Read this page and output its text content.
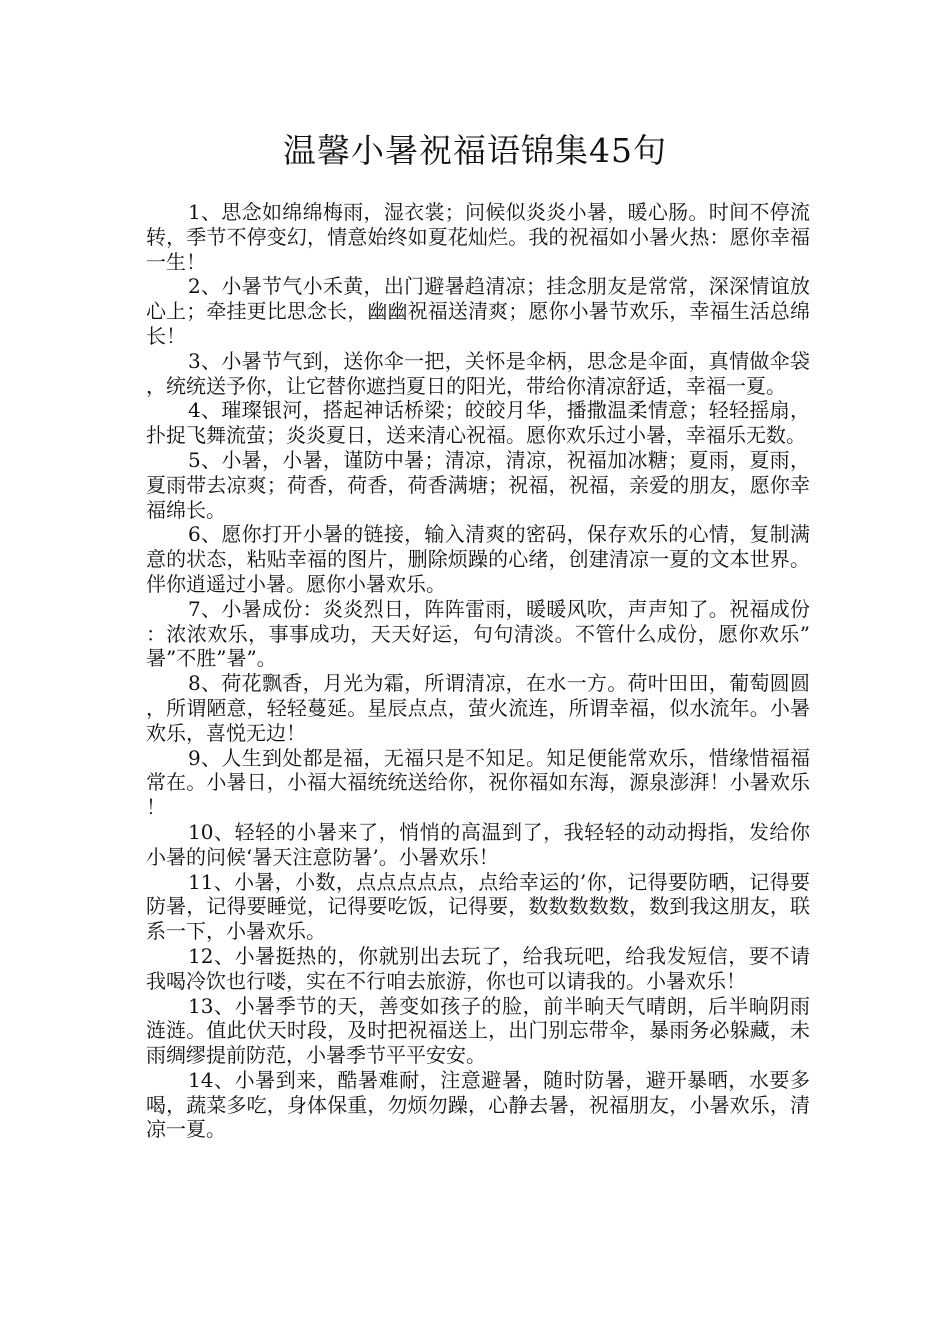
温馨小暑祝福语锦集45句

1、思念如绵绵梅雨，湿衣裳；问候似炎炎小暑，暖心肠。时间不停流转，季节不停变幻，情意始终如夏花灿烂。我的祝福如小暑火热：愿你幸福一生！

2、小暑节气小禾黄，出门避暑趋清凉；挂念朋友是常常，深深情谊放心上；牵挂更比思念长，幽幽祝福送清爽；愿你小暑节欢乐，幸福生活总绵长！

3、小暑节气到，送你伞一把，关怀是伞柄，思念是伞面，真情做伞袋，统统送予你，让它替你遮挡夏日的阳光，带给你清凉舒适，幸福一夏。

4、璀璨银河，搭起神话桥梁；皎皎月华，播撒温柔情意；轻轻摇扇，扑捉飞舞流萤；炎炎夏日，送来清心祝福。愿你欢乐过小暑，幸福乐无数。

5、小暑，小暑，谨防中暑；清凉，清凉，祝福加冰糖；夏雨，夏雨，夏雨带去凉爽；荷香，荷香，荷香满塘；祝福，祝福，亲爱的朋友，愿你幸福绵长。

6、愿你打开小暑的链接，输入清爽的密码，保存欢乐的心情，复制满意的状态，粘贴幸福的图片，删除烦躁的心绪，创建清凉一夏的文本世界。伴你逍遥过小暑。愿你小暑欢乐。

7、小暑成份：炎炎烈日，阵阵雷雨，暖暖风吹，声声知了。祝福成份：浓浓欢乐，事事成功，天天好运，句句清淡。不管什么成份，愿你欢乐”暑”不胜”暑”。

8、荷花飘香，月光为霜，所谓清凉，在水一方。荷叶田田，葡萄圆圆，所谓陋意，轻轻蔓延。星辰点点，萤火流连，所谓幸福，似水流年。小暑欢乐，喜悦无边！

9、人生到处都是福，无福只是不知足。知足便能常欢乐，惜缘惜福福常在。小暑日，小福大福统统送给你，祝你福如东海，源泉澎湃！小暑欢乐！

10、轻轻的小暑来了，悄悄的高温到了，我轻轻的动动拇指，发给你小暑的问候‘暑天注意防暑’。小暑欢乐！

11、小暑，小数，点点点点点，点给幸运的’你，记得要防晒，记得要防暑，记得要睡觉，记得要吃饭，记得要，数数数数数，数到我这朋友，联系一下，小暑欢乐。

12、小暑挺热的，你就别出去玩了，给我玩吧，给我发短信，要不请我喝冷饮也行喽，实在不行咱去旅游，你也可以请我的。小暑欢乐！

13、小暑季节的天，善变如孩子的脸，前半晌天气晴朗，后半晌阴雨涟涟。值此伏天时段，及时把祝福送上，出门别忘带伞，暴雨务必躲藏，未雨绸缪提前防范，小暑季节平平安安。

14、小暑到来，酷暑难耐，注意避暑，随时防暑，避开暴晒，水要多喝，蔬菜多吃，身体保重，勿烦勿躁，心静去暑，祝福朋友，小暑欢乐，清凉一夏。
